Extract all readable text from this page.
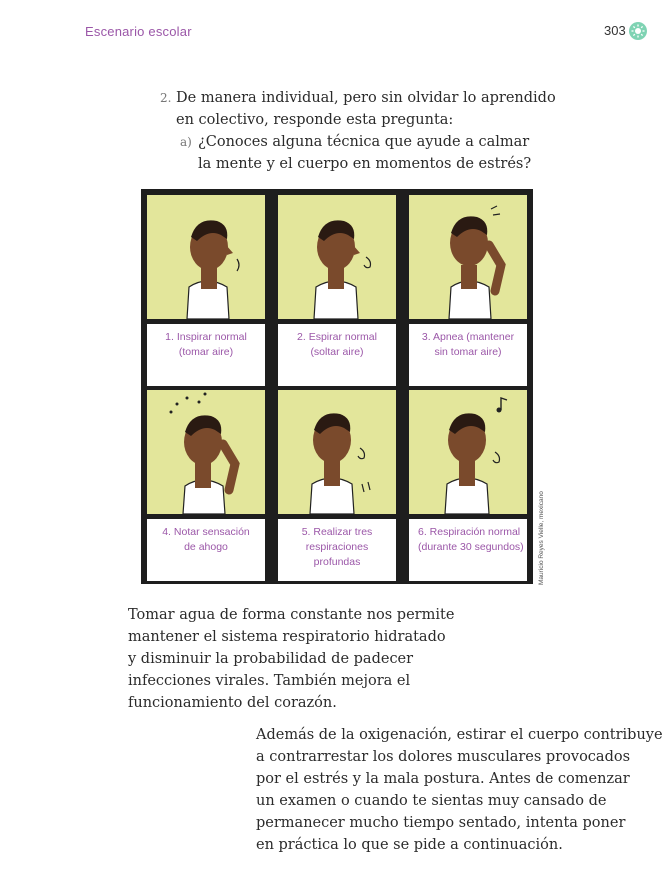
Escenario escolar	303
2. De manera individual, pero sin olvidar lo aprendido
en colectivo, responde esta pregunta:
a) ¿Conoces alguna técnica que ayude a calmar
la mente y el cuerpo en momentos de estrés?
1. Inspirar normal
(tomar aire)
2. Espirar normal
(soltar aire)
3. Apnea (mantener
sin tomar aire)
4. Notar sensación
de ahogo
5. Realizar tres
respiraciones
profundas
6. Respiración normal
(durante 30 segundos) Mauricio Reyes Vielle, mexicano
Tomar agua de forma constante nos permite
mantener el sistema respiratorio hidratado
y disminuir la probabilidad de padecer
infecciones virales. También mejora el
funcionamiento del corazón.
Además de la oxigenación, estirar el cuerpo contribuye
a contrarrestar los dolores musculares provocados
por el estrés y la mala postura. Antes de comenzar
un examen o cuando te sientas muy cansado de
permanecer mucho tiempo sentado, intenta poner
en práctica lo que se pide a continuación.
